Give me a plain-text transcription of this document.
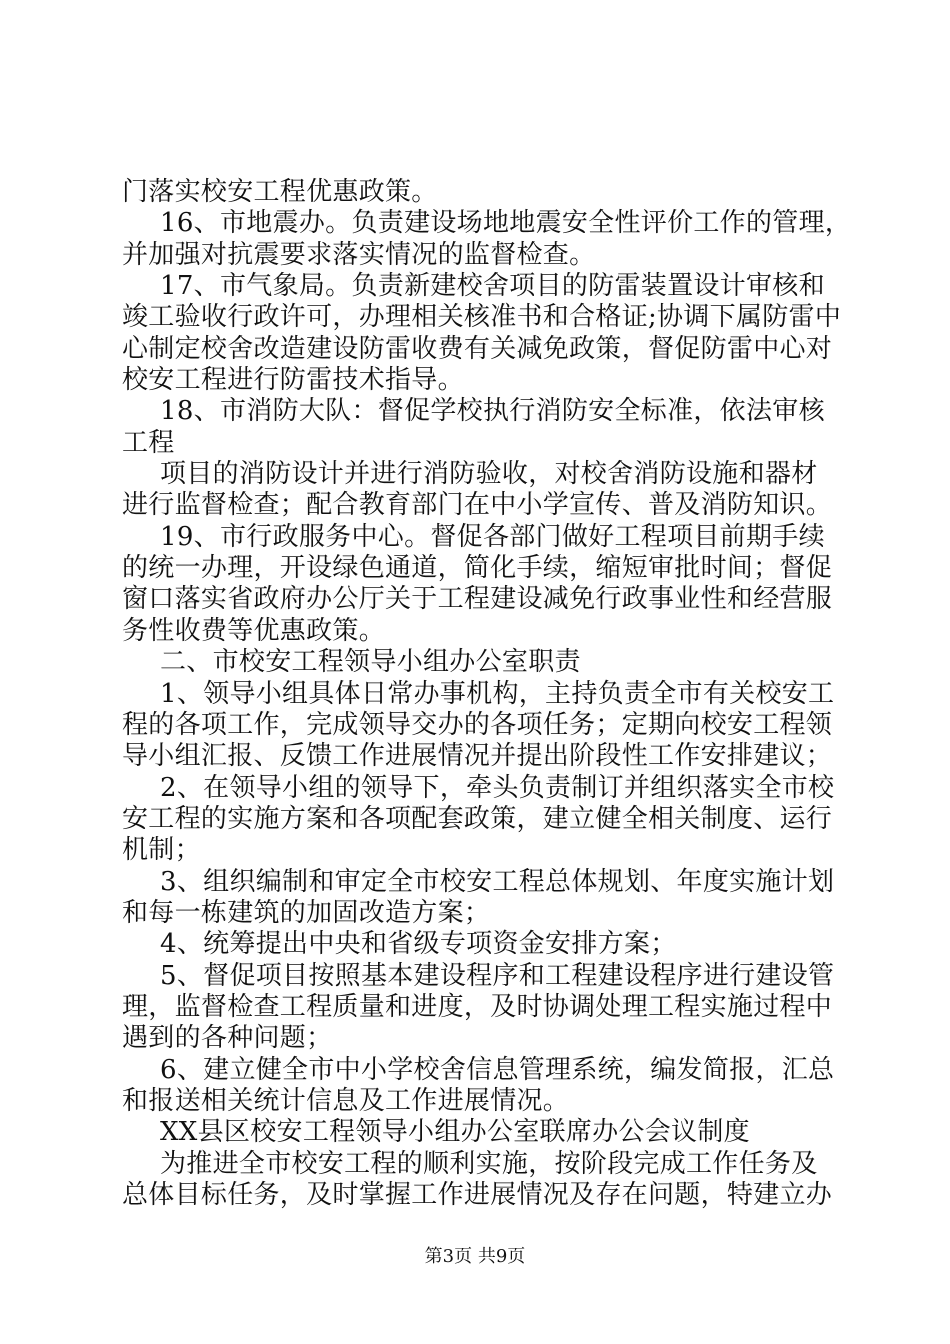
门落实校安工程优惠政策。
16、市地震办。负责建设场地地震安全性评价工作的管理，
并加强对抗震要求落实情况的监督检查。
17、市气象局。负责新建校舍项目的防雷装置设计审核和
竣工验收行政许可，办理相关核准书和合格证;协调下属防雷中
心制定校舍改造建设防雷收费有关减免政策，督促防雷中心对
校安工程进行防雷技术指导。
18、市消防大队：督促学校执行消防安全标准，依法审核
工程
项目的消防设计并进行消防验收，对校舍消防设施和器材
进行监督检查；配合教育部门在中小学宣传、普及消防知识。
19、市行政服务中心。督促各部门做好工程项目前期手续
的统一办理，开设绿色通道，简化手续，缩短审批时间；督促
窗口落实省政府办公厅关于工程建设减免行政事业性和经营服
务性收费等优惠政策。
二、市校安工程领导小组办公室职责
1、领导小组具体日常办事机构，主持负责全市有关校安工
程的各项工作，完成领导交办的各项任务；定期向校安工程领
导小组汇报、反馈工作进展情况并提出阶段性工作安排建议；
2、在领导小组的领导下，牵头负责制订并组织落实全市校
安工程的实施方案和各项配套政策，建立健全相关制度、运行
机制；
3、组织编制和审定全市校安工程总体规划、年度实施计划
和每一栋建筑的加固改造方案；
4、统筹提出中央和省级专项资金安排方案；
5、督促项目按照基本建设程序和工程建设程序进行建设管
理，监督检查工程质量和进度，及时协调处理工程实施过程中
遇到的各种问题；
6、建立健全市中小学校舍信息管理系统，编发简报，汇总
和报送相关统计信息及工作进展情况。
XX县区校安工程领导小组办公室联席办公会议制度
为推进全市校安工程的顺利实施，按阶段完成工作任务及
总体目标任务，及时掌握工作进展情况及存在问题，特建立办
第3页 共9页
